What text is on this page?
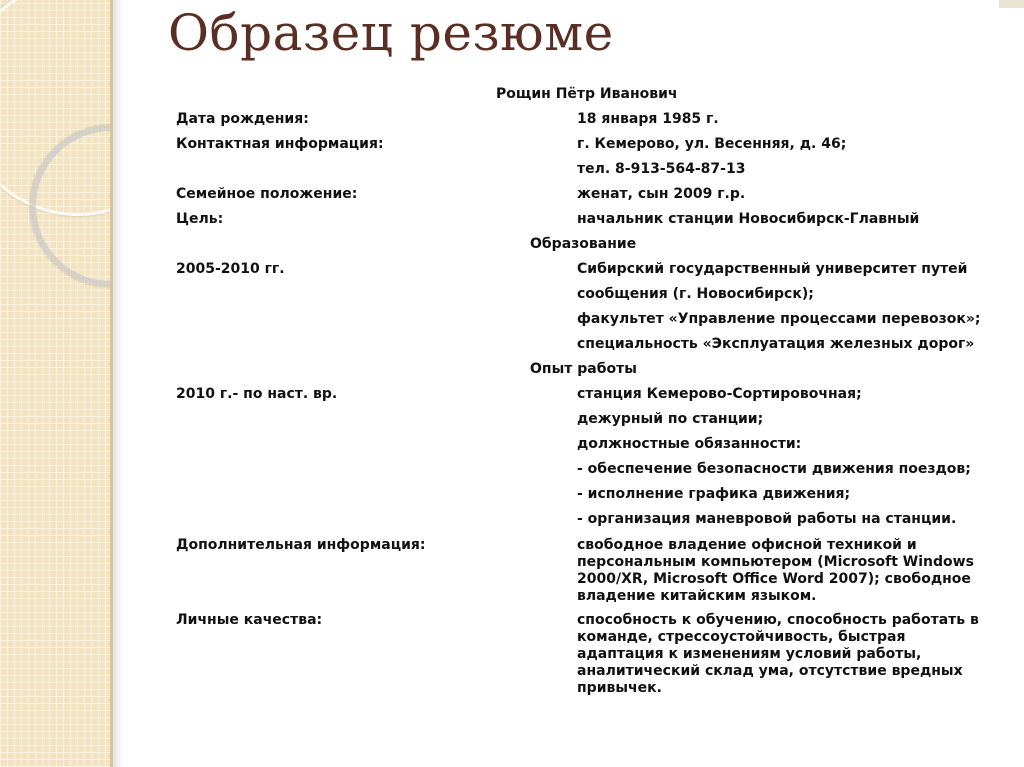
Образец резюме
Рощин Пётр Иванович
Дата рождения:	18 января 1985 г.
Контактная информация:	г. Кемерово, ул. Весенняя, д. 46;
тел. 8-913-564-87-13
Семейное положение:	женат, сын 2009 г.р.
Цель:	начальник станции Новосибирск-Главный
Образование
2005-2010 гг.	Сибирский государственный университет путей
сообщения (г. Новосибирск);
факультет «Управление процессами перевозок»;
специальность «Эксплуатация железных дорог»
Опыт работы
2010 г.- по наст. вр.	станция Кемерово-Сортировочная;
дежурный по станции;
должностные обязанности:
- обеспечение безопасности движения поездов;
- исполнение графика движения;
- организация маневровой работы на станции.
Дополнительная информация:	свободное владение офисной техникой и персональным компьютером (Microsoft Windows 2000/XR, Microsoft Office Word 2007); свободное владение китайским языком.
Личные качества:	способность к обучению, способность работать в команде, стрессоустойчивость, быстрая адаптация к изменениям условий работы, аналитический склад ума, отсутствие вредных привычек.
